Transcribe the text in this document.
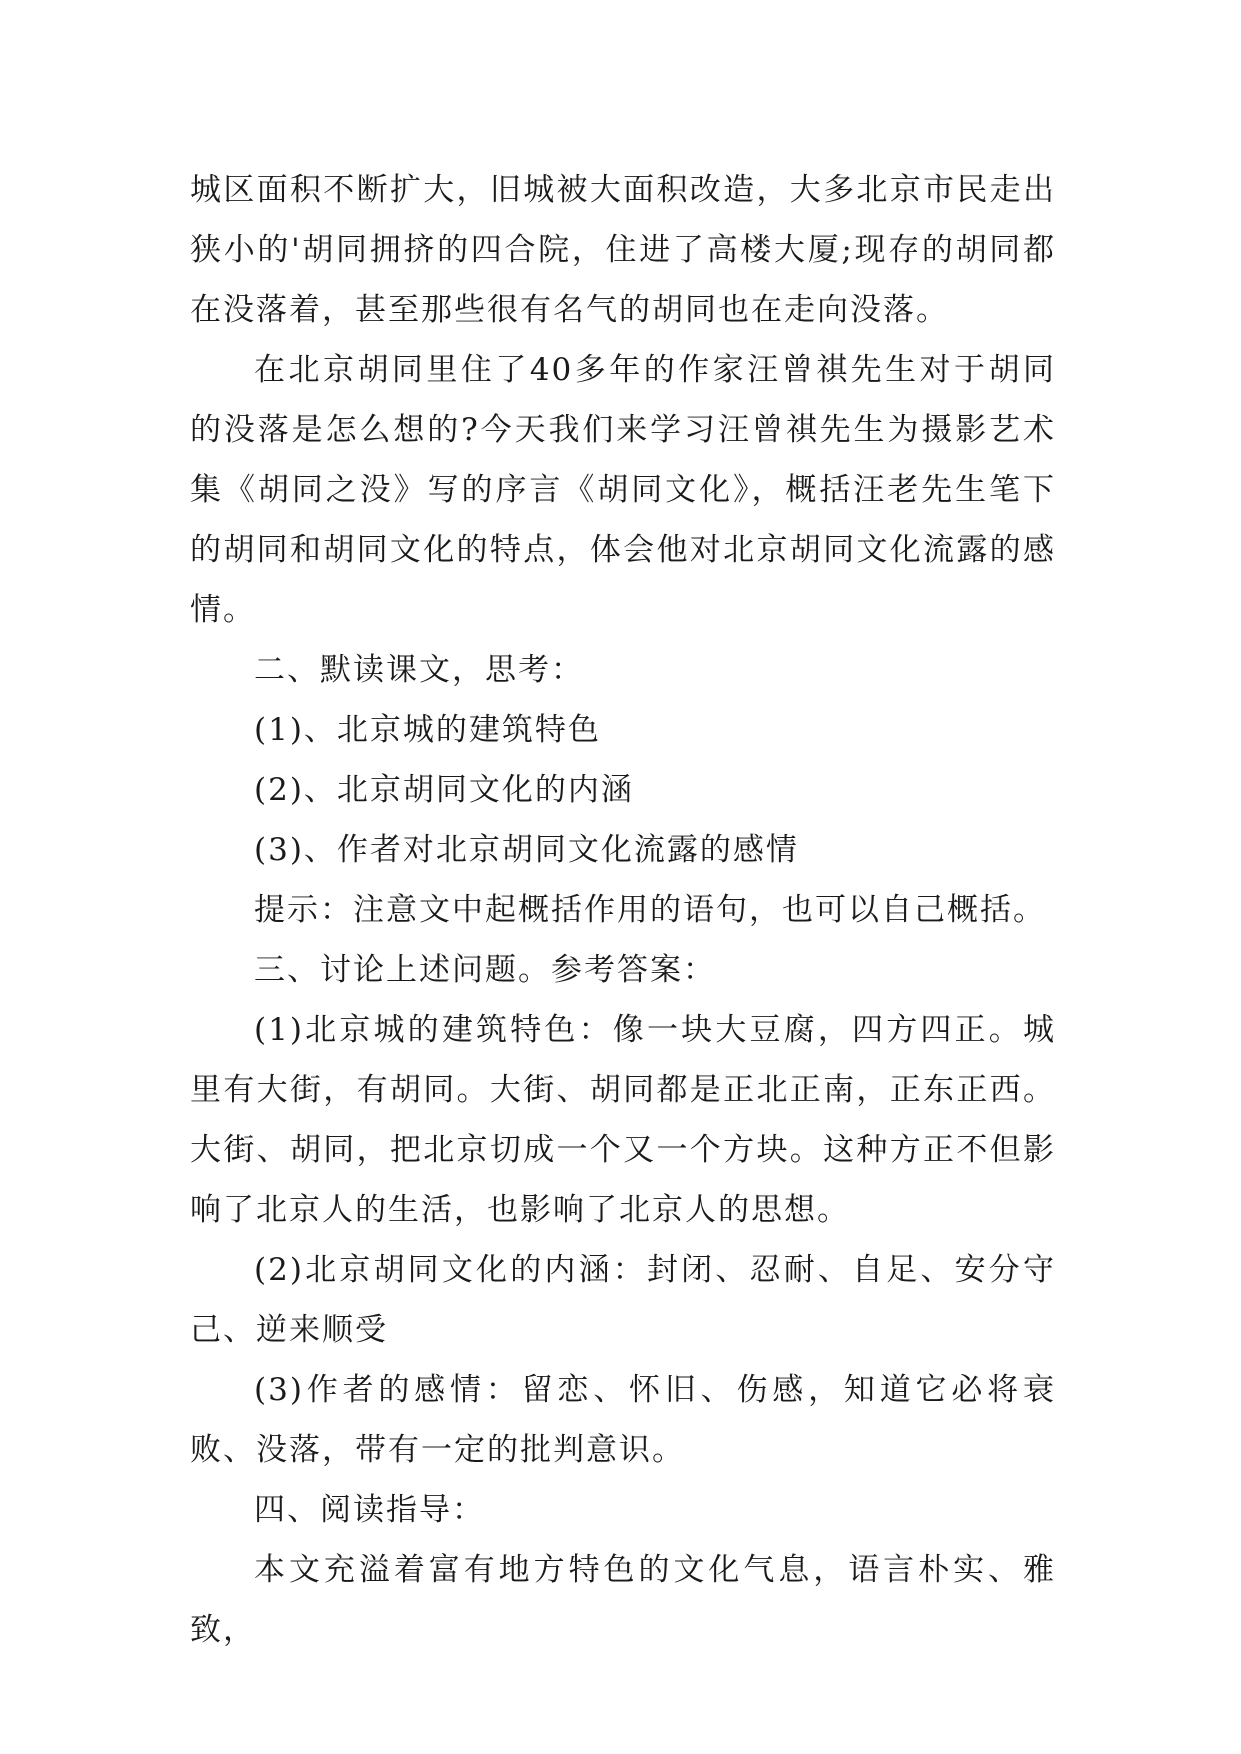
城区面积不断扩大，旧城被大面积改造，大多北京市民走出狭小的'胡同拥挤的四合院，住进了高楼大厦;现存的胡同都在没落着，甚至那些很有名气的胡同也在走向没落。

在北京胡同里住了40多年的作家汪曾祺先生对于胡同的没落是怎么想的?今天我们来学习汪曾祺先生为摄影艺术集《胡同之没》写的序言《胡同文化》，概括汪老先生笔下的胡同和胡同文化的特点，体会他对北京胡同文化流露的感情。

二、默读课文，思考：

(1)、北京城的建筑特色

(2)、北京胡同文化的内涵

(3)、作者对北京胡同文化流露的感情

提示：注意文中起概括作用的语句，也可以自己概括。

三、讨论上述问题。参考答案：

(1)北京城的建筑特色：像一块大豆腐，四方四正。城里有大街，有胡同。大街、胡同都是正北正南，正东正西。大街、胡同，把北京切成一个又一个方块。这种方正不但影响了北京人的生活，也影响了北京人的思想。

(2)北京胡同文化的内涵：封闭、忍耐、自足、安分守己、逆来顺受

(3)作者的感情：留恋、怀旧、伤感，知道它必将衰败、没落，带有一定的批判意识。

四、阅读指导：

本文充溢着富有地方特色的文化气息，语言朴实、雅致，
